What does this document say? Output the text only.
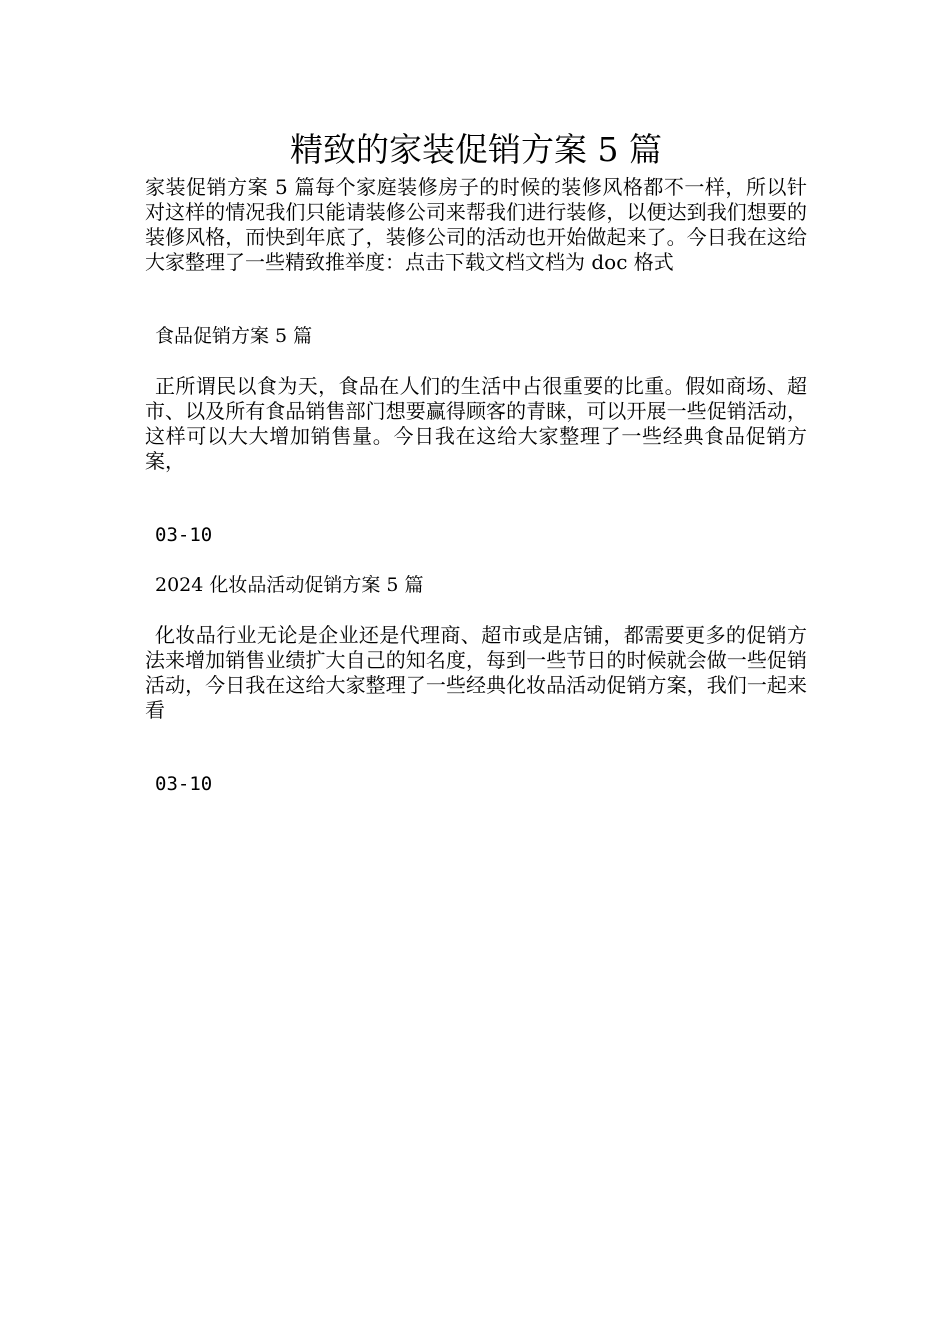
精致的家装促销方案 5 篇

家装促销方案 5 篇每个家庭装修房子的时候的装修风格都不一样，所以针对这样的情况我们只能请装修公司来帮我们进行装修，以便达到我们想要的装修风格，而快到年底了，装修公司的活动也开始做起来了。今日我在这给大家整理了一些精致推举度：点击下载文档文档为 doc 格式

食品促销方案 5 篇

正所谓民以食为天，食品在人们的生活中占很重要的比重。假如商场、超市、以及所有食品销售部门想要赢得顾客的青睐，可以开展一些促销活动，这样可以大大增加销售量。今日我在这给大家整理了一些经典食品促销方案，

03-10

2024 化妆品活动促销方案 5 篇

化妆品行业无论是企业还是代理商、超市或是店铺，都需要更多的促销方法来增加销售业绩扩大自己的知名度，每到一些节日的时候就会做一些促销活动，今日我在这给大家整理了一些经典化妆品活动促销方案，我们一起来看

03-10
